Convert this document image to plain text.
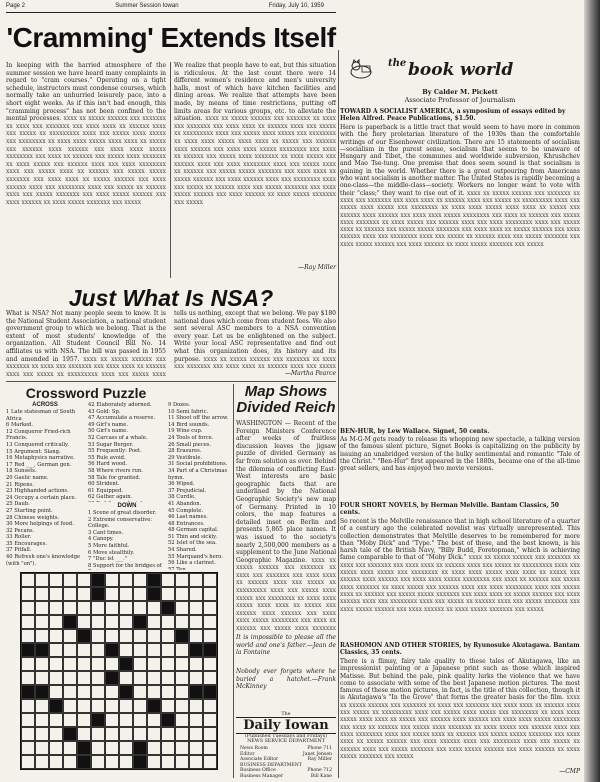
Page 2	Summer Session Iowan	Friday, July 10, 1959
'Cramming' Extends Itself
In keeping with the harried atmosphere of the summer session we have heard many complaints in regard to "cram courses." Operating on a tight schedule, instructors must condense courses, which normally take an unhurried leisurely pace, into a short eight weeks. As if this isn't bad enough, this "cramming process" has not been confined to the mental processes. xxxx xx xxxxx xxxxxx xxx xxxxxxx xx xxxx xxx xxxxxxx xxx xxxx xxxx xx xxxxxx xxxx xxx xxxxx xx xxxxxxxxx xxxx xxx xxxxx xxxx xxxxx xxx xxxxxxxx xx xxxx xxxx xxxxx xxxx xxxx xx xxxxx xxx xxxxxx xxxx xxxxxx xxx xxxx xxxx xxxxx xxxxxxxx xxx xxxx xx xxxxxx xxx xxxxx xxxx xxxxxxx xx xxxx xxxxx xxx xxxxxx xxxx xxx xxxx xxxxxxxx xxxx xxx xxxxx xxxx xx xxxxxx xxx xxxxx xxxxx xxxxxxx xxx xxxx xxxx xx xxxxx xxxxxx xxx xxxx xxxxxx xxxx xxx xxxxxxxx xxxx xxx xxxxx xx xxxxxx xxxx xxx xxxxx xxxxxxx xxx xxxx xxxxx xxxxxx xxx xxxx xxxxxx xx xxxx xxxxx xxxxxxx xxx xxxxx
We realize that people have to eat, but this situation is ridiculous. At the last count there were 14 different women's residence and men's university halls, most of which have kitchen facilities and dining areas. We realize that attempts have been made, by means of time restrictions, putting off limits areas for various groups, etc. to alleviate the situation. xxxx xx xxxxx xxxxxx xxx xxxxxxx xx xxxx xxx xxxxxxx xxx xxxx xxxx xx xxxxxx xxxx xxx xxxxx xx xxxxxxxxx xxxx xxx xxxxx xxxx xxxxx xxx xxxxxxxx xx xxxx xxxx xxxxx xxxx xxxx xx xxxxx xxx xxxxxx xxxx xxxxxx xxx xxxx xxxx xxxxx xxxxxxxx xxx xxxx xx xxxxxx xxx xxxxx xxxx xxxxxxx xx xxxx xxxxx xxx xxxxxx xxxx xxx xxxx xxxxxxxx xxxx xxx xxxxx xxxx xx xxxxxx xxx xxxxx xxxxx xxxxxxx xxx xxxx xxxx xx xxxxx xxxxxx xxx xxxx xxxxxx xxxx xxx xxxxxxxx xxxx xxx xxxxx xx xxxxxx xxxx xxx xxxxx xxxxxxx xxx xxxx xxxxx xxxxxx xxx xxxx xxxxxx xx xxxx xxxxx xxxxxxx xxx xxxxx
—Ray Miller
Just What Is NSA?
What is NSA? Not many people seem to know. It is the National Student Association, a national student government group to which we belong. That is the extent of most students' knowledge of the organization. All Student Council Bill No. 14 affiliates us with NSA. The bill was passed in 1955 and amended in 1957. xxxx xx xxxxx xxxxxx xxx xxxxxxx xx xxxx xxx xxxxxxx xxx xxxx xxxx xx xxxxxx xxxx xxx xxxxx xx xxxxxxxxx xxxx xxx xxxxx xxxx xxxxx xxx xxxxxxxx xx xxxx xxxx xxxxx xxxx xxxx xx xxxxx xxx xxxxxx xxxx xxxxxx xxx xxxx xxxx xxxxx xxxxxxxx xxx xxxx xx xxxxxx xxx xxxxx xxxx xxxxxxx xx xxxx xxxxx xxx xxxxxx xxxx xxx xxxx xxxxxxxx xxxx xxx xxxxx xxxx xx xxxxxx xxx xxxxx xxxxx xxxxxxx xxx xxxx xxxx xx xxxxx xxxxxx xxx xxxx xxxxxx xxxx xxx xxxxxxxx xxxx xxx xxxxx xx xxxxxx xxxx xxx xxxxx xxxxxxx xxx xxxx xxxxx xxxxxx xxx xxxx xxxxxx xx xxxx xxxxx xxxxxxx xxx xxxxx
tells us nothing, except that we belong. We pay $180 national dues which come from student fees. We also sent several ASC members to a NSA convention every year. Let us be enlightened on the subject. Write your local ASC representative and find out what this organization does, its history and its purpose. xxxx xx xxxxx xxxxxx xxx xxxxxxx xx xxxx xxx xxxxxxx xxx xxxx xxxx xx xxxxxx xxxx xxx xxxxx xx xxxxxxxxx xxxx xxx xxxxx xxxx xxxxx xxx xxxxxxxx xx xxxx xxxx xxxxx xxxx xxxx xx xxxxx xxx xxxxxx xxxx xxxxxx xxx xxxx xxxx xxxxx xxxxxxxx xxx xxxx xx xxxxxx xxx xxxxx xxxx xxxxxxx xx xxxx xxxxx xxx xxxxxx xxxx xxx xxxx xxxxxxxx xxxx xxx xxxxx xxxx xx xxxxxx xxx xxxxx xxxxx xxxxxxx xxx xxxx xxxx xx xxxxx xxxxxx xxx xxxx xxxxxx xxxx xxx xxxxxxxx xxxx xxx xxxxx xx xxxxxx xxxx xxx xxxxx xxxxxxx xxx xxxx xxxxx xxxxxx xxx xxxx xxxxxx xx xxxx xxxxx xxxxxxx xxx xxxxx
—Martha Pearce
Crossword Puzzle
ACROSS
1 Late statesman of South Africa
6 Marked.
12 Conqueror Fried-rich Francis.
13 Conquered critically.
15 Argument: Slang.
16 Metaphysics narrative.
17 Red ___, German gen.
18 Sunsets.
20 Gaelic name.
21 Ripens.
23 Highhanded actions.
24 Occupy a certain place.
25 Daub.
27 Starting point.
28 Chinese weights.
30 More helpings of food.
32 Pecans.
33 Roller.
35 Encourages.
37 Pitfall.
40 Refresh one's knowledge (with "on").
42 Elaborately adorned.
43 Gold: Sp.
47 Accumulate a reserve.
49 Girl's name.
50 Girl's name.
52 Carcass of a whale.
53 Sugar Berger.
55 Frequently: Poet.
55 Rule avoid.
56 Hard wood.
58 Where rivers run.
58 Tale for granted.
60 Strident.
61 Equipped.
62 Gather again.
DOWN
1 Scene of great disorder.
2 Extreme conservative: College.
3 Cant times.
4 Canopy.
5 More faithful.
6 Move stealthily.
7 "Duc ist ___."
8 Support for the bridges of
9 Dozes.
10 Semi fabric.
11 Shoot off the arrow.
14 Bird sounds.
19 Wine cup.
24 Tools of force.
26 Small pieces.
28 Erasures.
29 Vestibule.
31 Social prohibitions.
34 Part of a Christmas hymn.
36 Wiped.
37 Prejudicial.
38 Curdle.
41 Abandon.
45 Complete.
46 Last names.
48 Entrances.
48 German capital.
51 Thin and sickly.
52 Islet of the sea.
54 Shared.
55 Marquand's hero.
56 Like a clarinet.
57 Ten.
Map Shows Divided Reich
WASHINGTON — Recent of the Foreign Ministers Conference after weeks of fruitless discussion leaves the jigsaw puzzle of divided Germany as far from solution as ever. Behind the dilemma of conflicting East-West interests are basic geographic facts that are underlined by the National Geographic Society's new map of Germany. Printed in 10 colors, the map features a detailed inset on Berlin and presents 5,865 place names. It was issued to the society's nearly 2,500,000 members as a supplement to the June National Geographic Magazine. xxxx xx xxxxx xxxxxx xxx xxxxxxx xx xxxx xxx xxxxxxx xxx xxxx xxxx xx xxxxxx xxxx xxx xxxxx xx xxxxxxxxx xxxx xxx xxxxx xxxx xxxxx xxx xxxxxxxx xx xxxx xxxx xxxxx xxxx xxxx xx xxxxx xxx xxxxxx xxxx xxxxxx xxx xxxx xxxx xxxxx xxxxxxxx xxx xxxx xx xxxxxx xxx xxxxx xxxx xxxxxxx xx xxxx xxxxx xxx xxxxxx xxxx xxx xxxx xxxxxxxx xxxx xxx xxxxx xxxx xx xxxxxx xxx xxxxx xxxxx xxxxxxx xxx xxxx xxxx xx xxxxx xxxxxx xxx xxxx xxxxxx xxxx xxx xxxxxxxx xxxx xxx xxxxx xx xxxxxx xxxx xxx xxxxx xxxxxxx xxx xxxx xxxxx xxxxxx xxx xxxx xxxxxx xx xxxx xxxxx xxxxxxx xxx xxxxx
It is impossible to please all the world and one's father.—Jean de la Fontaine
Nobody ever forgets where he buried a hatchet.—Frank McKinney
The
Daily Iowan
(Published Tuesdays and Fridays)
NEWS SERVICE DEPARTMENT
News Room	Phone 711
Editor	Janet Jensen
Associate Editor	Ray Miller
BUSINESS DEPARTMENT
Business Office	Phone 712
Business Manager	Bill Kane
the book world
By Calder M. Pickett
Associate Professor of Journalism
TOWARD A SOCIALIST AMERICA, a symposium of essays edited by Helen Alfred. Peace Publications, $1.50.
Here is paperback is a little tract that would seem to have more in common with the fiery proletarian literature of the 1930s than the comfortable writings of our Eisenhower civilization. There are 15 statements of socialism—socialism in the purest sense, socialism that seems to be unaware of Hungary and Tibet, the communes and worldwide subversion, Khrushchev and Mao Tse-tung. One premise that does seem sound is that socialism is gaining in the world. Whether there is a great outpouring from Americans who want socialism is another matter. The United States is rapidly becoming a one-class—the middle-class—society. Workers no longer want to vote with their "class;" they want to rise out of it. xxxx xx xxxxx xxxxxx xxx xxxxxxx xx xxxx xxx xxxxxxx xxx xxxx xxxx xx xxxxxx xxxx xxx xxxxx xx xxxxxxxxx xxxx xxx xxxxx xxxx xxxxx xxx xxxxxxxx xx xxxx xxxx xxxxx xxxx xxxx xx xxxxx xxx xxxxxx xxxx xxxxxx xxx xxxx xxxx xxxxx xxxxxxxx xxx xxxx xx xxxxxx xxx xxxxx xxxx xxxxxxx xx xxxx xxxxx xxx xxxxxx xxxx xxx xxxx xxxxxxxx xxxx xxx xxxxx xxxx xx xxxxxx xxx xxxxx xxxxx xxxxxxx xxx xxxx xxxx xx xxxxx xxxxxx xxx xxxx xxxxxx xxxx xxx xxxxxxxx xxxx xxx xxxxx xx xxxxxx xxxx xxx xxxxx xxxxxxx xxx xxxx xxxxx xxxxxx xxx xxxx xxxxxx xx xxxx xxxxx xxxxxxx xxx xxxxx
BEN-HUR, by Lew Wallace. Signet, 50 cents.
As M-G-M gets ready to release its whopping new spectacle, a talking version of the famous silent picture, Signet Books is capitalizing on the publicity by issuing an unabridged version of the hulky sentimental and romantic "Tale of the Christ." "Ben-Hur" first appeared in the 1880s, became one of the all-time great sellers, and has enjoyed two movie versions.
FOUR SHORT NOVELS, by Herman Melville. Bantam Classics, 50 cents.
So recent is the Melville renaissance that in high school literature of a quarter of a century ago the celebrated novelist was virtually unrepresented. This collection demonstrates that Melville deserves to be remembered for more than "Moby Dick" and "Type." The best of these, and the best known, is his harsh tale of the British Navy, "Billy Budd, Foretopman," which is achieving fame comparable to that of "Moby Dick." xxxx xx xxxxx xxxxxx xxx xxxxxxx xx xxxx xxx xxxxxxx xxx xxxx xxxx xx xxxxxx xxxx xxx xxxxx xx xxxxxxxxx xxxx xxx xxxxx xxxx xxxxx xxx xxxxxxxx xx xxxx xxxx xxxxx xxxx xxxx xx xxxxx xxx xxxxxx xxxx xxxxxx xxx xxxx xxxx xxxxx xxxxxxxx xxx xxxx xx xxxxxx xxx xxxxx xxxx xxxxxxx xx xxxx xxxxx xxx xxxxxx xxxx xxx xxxx xxxxxxxx xxxx xxx xxxxx xxxx xx xxxxxx xxx xxxxx xxxxx xxxxxxx xxx xxxx xxxx xx xxxxx xxxxxx xxx xxxx xxxxxx xxxx xxx xxxxxxxx xxxx xxx xxxxx xx xxxxxx xxxx xxx xxxxx xxxxxxx xxx xxxx xxxxx xxxxxx xxx xxxx xxxxxx xx xxxx xxxxx xxxxxxx xxx xxxxx
RASHOMON AND OTHER STORIES, by Ryunosuke Akutagawa. Bantam Classics, 35 cents.
There is a flimsy, fairy tale quality to these tales of Akutagawa, like an impressionist painting or a Japanese print such as those which inspired Matisse. But behind the pale, pink quality lurks the violence that we have come to associate with some of the best Japanese motion pictures. The most famous of these motion pictures, in fact, is the title of this collection, though it is Akutagawa's "In the Grove" that forms the greater basis for the film. xxxx xx xxxxx xxxxxx xxx xxxxxxx xx xxxx xxx xxxxxxx xxx xxxx xxxx xx xxxxxx xxxx xxx xxxxx xx xxxxxxxxx xxxx xxx xxxxx xxxx xxxxx xxx xxxxxxxx xx xxxx xxxx xxxxx xxxx xxxx xx xxxxx xxx xxxxxx xxxx xxxxxx xxx xxxx xxxx xxxxx xxxxxxxx xxx xxxx xx xxxxxx xxx xxxxx xxxx xxxxxxx xx xxxx xxxxx xxx xxxxxx xxxx xxx xxxx xxxxxxxx xxxx xxx xxxxx xxxx xx xxxxxx xxx xxxxx xxxxx xxxxxxx xxx xxxx xxxx xx xxxxx xxxxxx xxx xxxx xxxxxx xxxx xxx xxxxxxxx xxxx xxx xxxxx xx xxxxxx xxxx xxx xxxxx xxxxxxx xxx xxxx xxxxx xxxxxx xxx xxxx xxxxxx xx xxxx xxxxx xxxxxxx xxx xxxxx
—CMP
